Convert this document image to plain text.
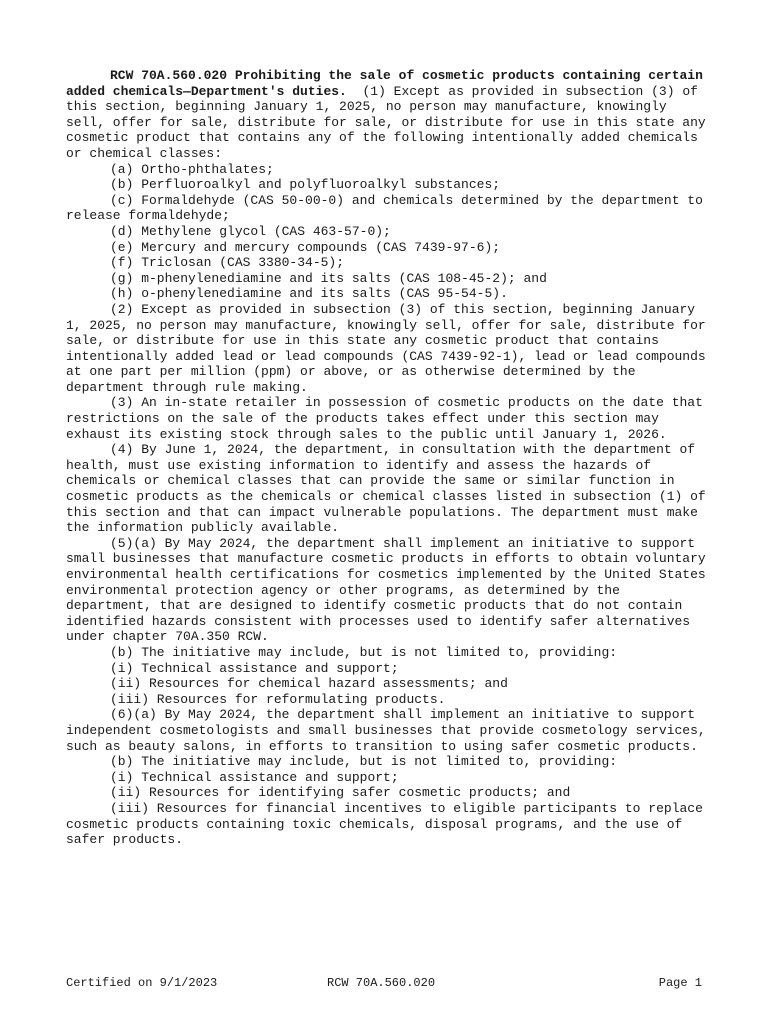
RCW 70A.560.020 Prohibiting the sale of cosmetic products containing certain added chemicals—Department's duties. (1) Except as provided in subsection (3) of this section, beginning January 1, 2025, no person may manufacture, knowingly sell, offer for sale, distribute for sale, or distribute for use in this state any cosmetic product that contains any of the following intentionally added chemicals or chemical classes:

(a) Ortho-phthalates;

(b) Perfluoroalkyl and polyfluoroalkyl substances;

(c) Formaldehyde (CAS 50-00-0) and chemicals determined by the department to release formaldehyde;

(d) Methylene glycol (CAS 463-57-0);

(e) Mercury and mercury compounds (CAS 7439-97-6);

(f) Triclosan (CAS 3380-34-5);

(g) m-phenylenediamine and its salts (CAS 108-45-2); and

(h) o-phenylenediamine and its salts (CAS 95-54-5).

(2) Except as provided in subsection (3) of this section, beginning January 1, 2025, no person may manufacture, knowingly sell, offer for sale, distribute for sale, or distribute for use in this state any cosmetic product that contains intentionally added lead or lead compounds (CAS 7439-92-1), lead or lead compounds at one part per million (ppm) or above, or as otherwise determined by the department through rule making.

(3) An in-state retailer in possession of cosmetic products on the date that restrictions on the sale of the products takes effect under this section may exhaust its existing stock through sales to the public until January 1, 2026.

(4) By June 1, 2024, the department, in consultation with the department of health, must use existing information to identify and assess the hazards of chemicals or chemical classes that can provide the same or similar function in cosmetic products as the chemicals or chemical classes listed in subsection (1) of this section and that can impact vulnerable populations. The department must make the information publicly available.

(5)(a) By May 2024, the department shall implement an initiative to support small businesses that manufacture cosmetic products in efforts to obtain voluntary environmental health certifications for cosmetics implemented by the United States environmental protection agency or other programs, as determined by the department, that are designed to identify cosmetic products that do not contain identified hazards consistent with processes used to identify safer alternatives under chapter 70A.350 RCW.

(b) The initiative may include, but is not limited to, providing:

(i) Technical assistance and support;

(ii) Resources for chemical hazard assessments; and

(iii) Resources for reformulating products.

(6)(a) By May 2024, the department shall implement an initiative to support independent cosmetologists and small businesses that provide cosmetology services, such as beauty salons, in efforts to transition to using safer cosmetic products.

(b) The initiative may include, but is not limited to, providing:

(i) Technical assistance and support;

(ii) Resources for identifying safer cosmetic products; and

(iii) Resources for financial incentives to eligible participants to replace cosmetic products containing toxic chemicals, disposal programs, and the use of safer products.

Certified on 9/1/2023	RCW 70A.560.020	Page 1
